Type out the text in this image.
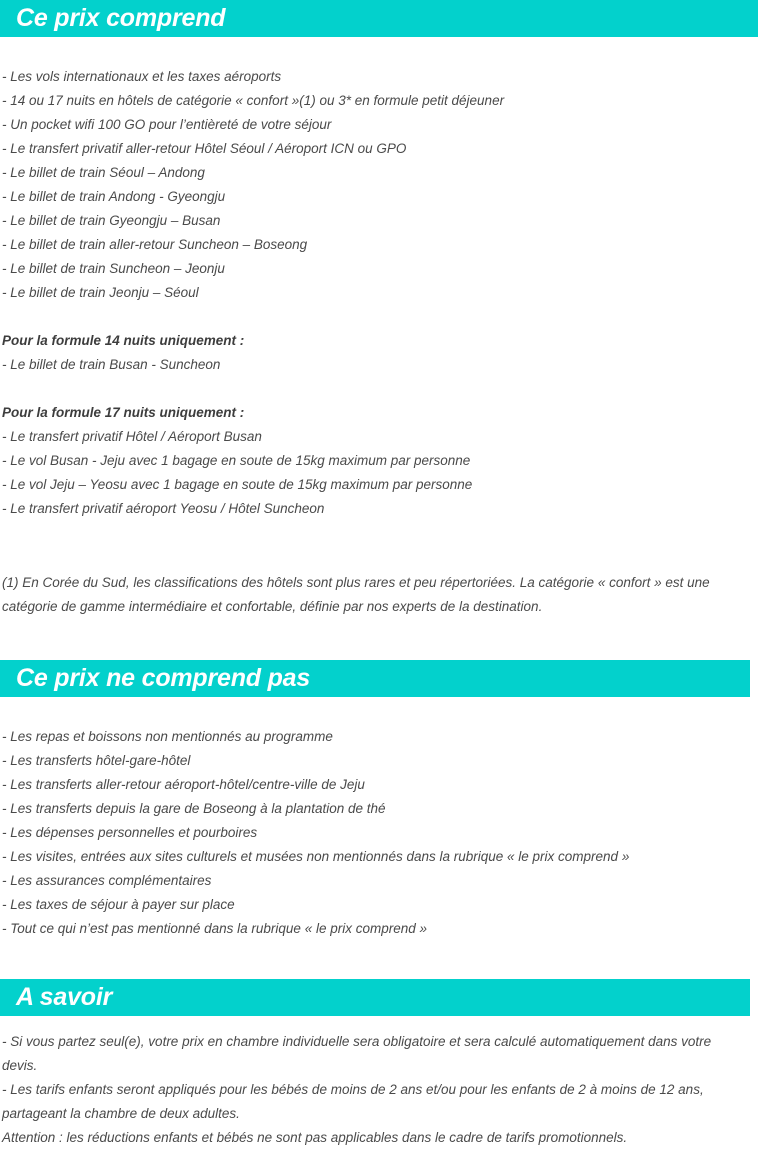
Ce prix comprend
- Les vols internationaux et les taxes aéroports
- 14 ou 17 nuits en hôtels de catégorie « confort »(1) ou 3* en formule petit déjeuner
- Un pocket wifi 100 GO pour l’entièreté de votre séjour
- Le transfert privatif aller-retour Hôtel Séoul / Aéroport ICN ou GPO
- Le billet de train Séoul – Andong
- Le billet de train Andong - Gyeongju
- Le billet de train Gyeongju – Busan
- Le billet de train aller-retour Suncheon – Boseong
- Le billet de train Suncheon – Jeonju
- Le billet de train Jeonju – Séoul
Pour la formule 14 nuits uniquement :
- Le billet de train Busan - Suncheon
Pour la formule 17 nuits uniquement :
- Le transfert privatif Hôtel / Aéroport Busan
- Le vol Busan - Jeju avec 1 bagage en soute de 15kg maximum par personne
- Le vol Jeju – Yeosu avec 1 bagage en soute de 15kg maximum par personne
- Le transfert privatif aéroport Yeosu / Hôtel Suncheon
(1) En Corée du Sud, les classifications des hôtels sont plus rares et peu répertoriées. La catégorie « confort » est une catégorie de gamme intermédiaire et confortable, définie par nos experts de la destination.
Ce prix ne comprend pas
- Les repas et boissons non mentionnés au programme
- Les transferts hôtel-gare-hôtel
- Les transferts aller-retour aéroport-hôtel/centre-ville de Jeju
- Les transferts depuis la gare de Boseong à la plantation de thé
- Les dépenses personnelles et pourboires
- Les visites, entrées aux sites culturels et musées non mentionnés dans la rubrique « le prix comprend »
- Les assurances complémentaires
- Les taxes de séjour à payer sur place
- Tout ce qui n’est pas mentionné dans la rubrique « le prix comprend »
A savoir
- Si vous partez seul(e), votre prix en chambre individuelle sera obligatoire et sera calculé automatiquement dans votre devis.
- Les tarifs enfants seront appliqués pour les bébés de moins de 2 ans et/ou pour les enfants de 2 à moins de 12 ans, partageant la chambre de deux adultes.
Attention : les réductions enfants et bébés ne sont pas applicables dans le cadre de tarifs promotionnels.
